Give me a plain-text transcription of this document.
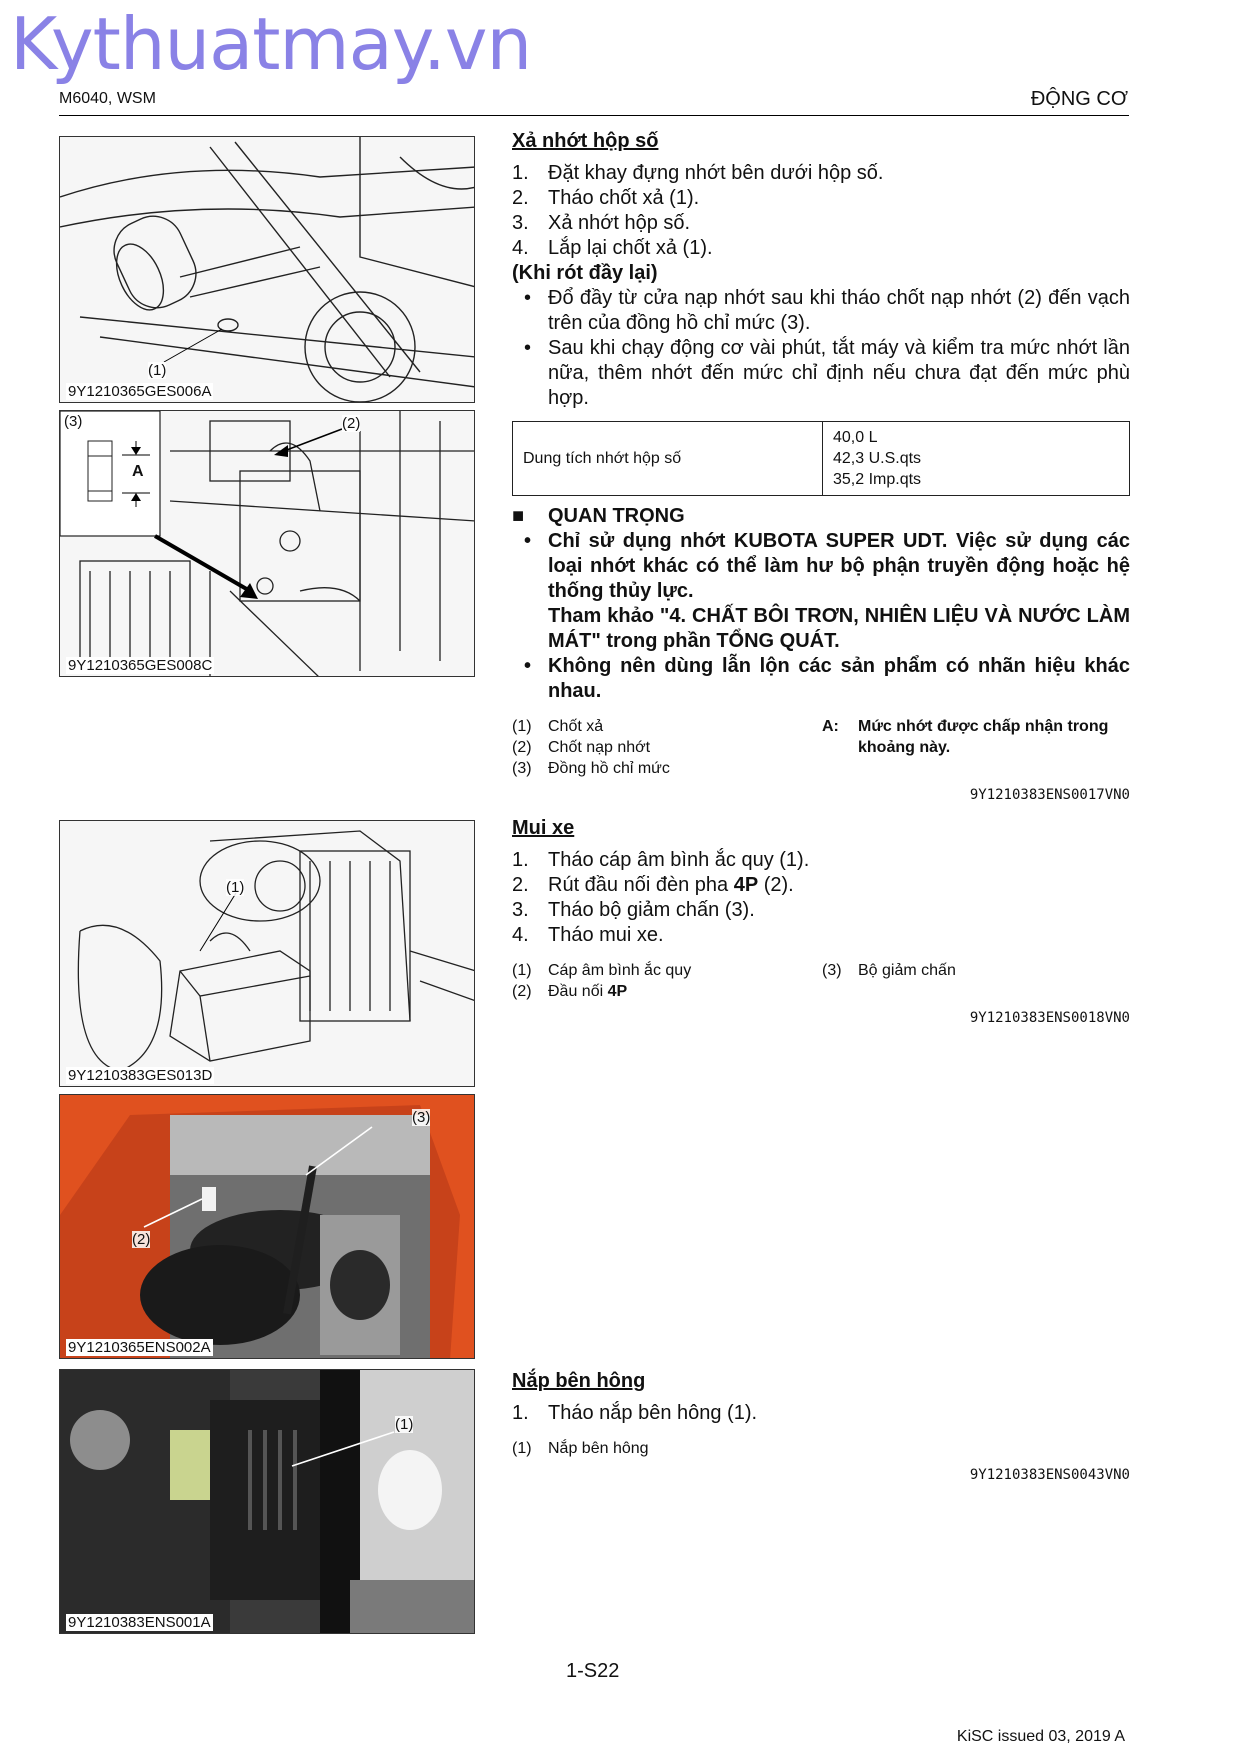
Kythuatmay.vn
M6040, WSM	ĐỘNG CƠ
(1)
9Y1210365GES006A
(3)	(2)
A
9Y1210365GES008C
(1)
9Y1210383GES013D
(3)
(2)
9Y1210365ENS002A
(1)
9Y1210383ENS001A
Xả nhớt hộp số
1. Đặt khay đựng nhớt bên dưới hộp số.
2. Tháo chốt xả (1).
3. Xả nhớt hộp số.
4. Lắp lại chốt xả (1).
(Khi rót đầy lại)
• Đổ đầy từ cửa nạp nhớt sau khi tháo chốt nạp nhớt (2) đến vạch trên của đồng hồ chỉ mức (3).
• Sau khi chạy động cơ vài phút, tắt máy và kiểm tra mức nhớt lần nữa, thêm nhớt đến mức chỉ định nếu chưa đạt đến mức phù hợp.
Dung tích nhớt hộp số	
40,0 L
42,3 U.S.qts
35,2 Imp.qts
■	QUAN TRỌNG
• Chỉ sử dụng nhớt KUBOTA SUPER UDT. Việc sử dụng các loại nhớt khác có thể làm hư bộ phận truyền động hoặc hệ thống thủy lực.
Tham khảo "4. CHẤT BÔI TRƠN, NHIÊN LIỆU VÀ NƯỚC LÀM MÁT" trong phần TỔNG QUÁT.
• Không nên dùng lẫn lộn các sản phẩm có nhãn hiệu khác nhau.
(1)	Chốt xả
(2)	Chốt nạp nhớt
(3)	Đồng hồ chỉ mức
A:	Mức nhớt được chấp nhận trong khoảng này.
9Y1210383ENS0017VN0
Mui xe
1. Tháo cáp âm bình ắc quy (1).
2. Rút đầu nối đèn pha 4P (2).
3. Tháo bộ giảm chấn (3).
4. Tháo mui xe.
(1)	Cáp âm bình ắc quy
(2)	Đầu nối 4P
(3)	Bộ giảm chấn
9Y1210383ENS0018VN0
Nắp bên hông
1. Tháo nắp bên hông (1).
(1)	Nắp bên hông
9Y1210383ENS0043VN0
1-S22
KiSC issued 03, 2019 A
